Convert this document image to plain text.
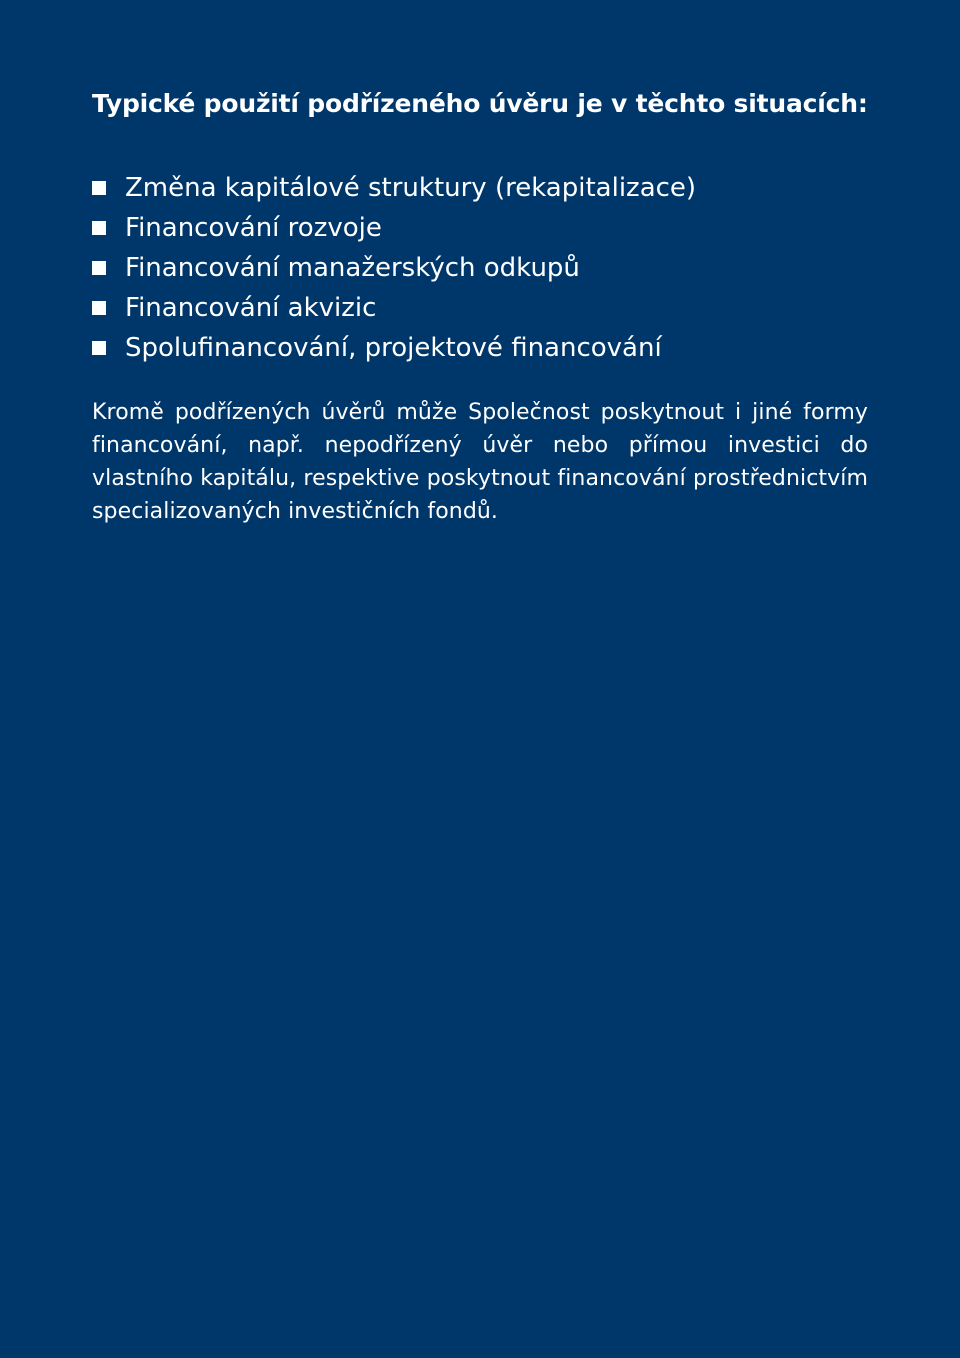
Typické použití podřízeného úvěru je v těchto situacích:
Změna kapitálové struktury (rekapitalizace)
Financování rozvoje
Financování manažerských odkupů
Financování akvizic
Spolufinancování, projektové financování

Kromě podřízených úvěrů může Společnost poskytnout i jiné formy financování, např. nepodřízený úvěr nebo přímou investici do vlastního kapitálu, respektive poskytnout financování prostřednictvím specializovaných investičních fondů.
